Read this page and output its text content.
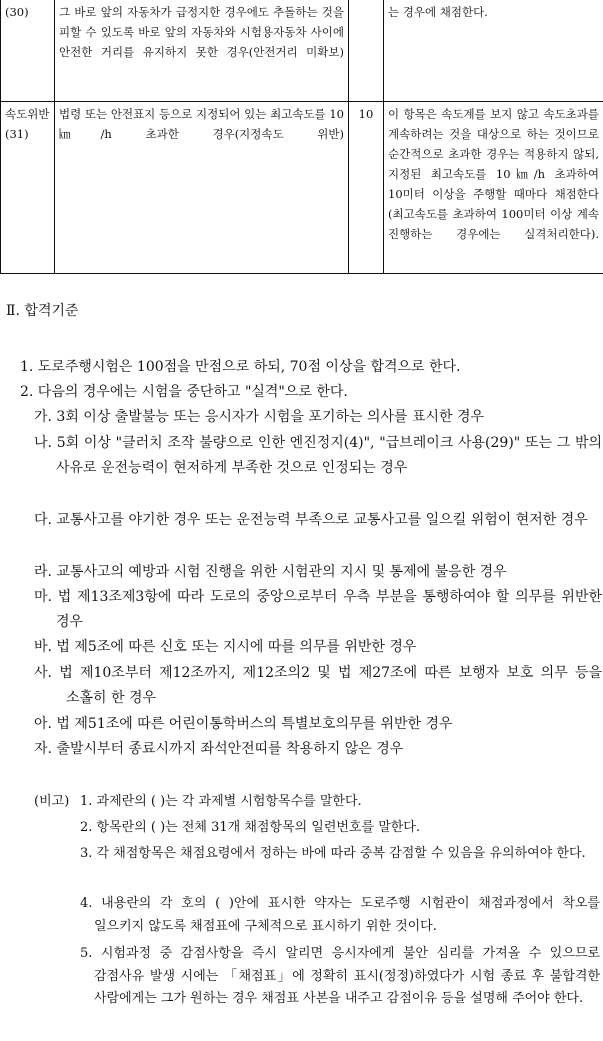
(30)	그 바로 앞의 자동차가 급정지한 경우에도 추돌하는 것을 피할 수 있도록 바로 앞의 자동차와 시험용자동차 사이에 안전한 거리를 유지하지 못한 경우(안전거리 미확보)		는 경우에 채점한다.
속도위반(31)	법령 또는 안전표지 등으로 지정되어 있는 최고속도를 10㎞/h 초과한 경우(지정속도 위반)	10	이 항목은 속도계를 보지 않고 속도초과를 계속하려는 것을 대상으로 하는 것이므로 순간적으로 초과한 경우는 적용하지 않되, 지정된 최고속도를 10㎞/h 초과하여 10미터 이상을 주행할 때마다 채점한다(최고속도를 초과하여 100미터 이상 계속 진행하는 경우에는 실격처리한다).
Ⅱ. 합격기준
1. 도로주행시험은 100점을 만점으로 하되, 70점 이상을 합격으로 한다.
2. 다음의 경우에는 시험을 중단하고 "실격"으로 한다.
가. 3회 이상 출발불능 또는 응시자가 시험을 포기하는 의사를 표시한 경우
나. 5회 이상 "클러치 조작 불량으로 인한 엔진정지(4)", "급브레이크 사용(29)" 또는 그 밖의 사유로 운전능력이 현저하게 부족한 것으로 인정되는 경우
다. 교통사고를 야기한 경우 또는 운전능력 부족으로 교통사고를 일으킬 위험이 현저한 경우
라. 교통사고의 예방과 시험 진행을 위한 시험관의 지시 및 통제에 불응한 경우
마. 법 제13조제3항에 따라 도로의 중앙으로부터 우측 부분을 통행하여야 할 의무를 위반한 경우
바. 법 제5조에 따른 신호 또는 지시에 따를 의무를 위반한 경우
사. 법 제10조부터 제12조까지, 제12조의2 및 법 제27조에 따른 보행자 보호 의무 등을 소홀히 한 경우
아. 법 제51조에 따른 어린이통학버스의 특별보호의무를 위반한 경우
자. 출발시부터 종료시까지 좌석안전띠를 착용하지 않은 경우
(비고) 1. 과제란의 ( )는 각 과제별 시험항목수를 말한다.
2. 항목란의 ( )는 전체 31개 채점항목의 일련번호를 말한다.
3. 각 채점항목은 채점요령에서 정하는 바에 따라 중복 감점할 수 있음을 유의하여야 한다.
4. 내용란의 각 호의 ( )안에 표시한 약자는 도로주행 시험관이 채점과정에서 착오를 일으키지 않도록 채점표에 구체적으로 표시하기 위한 것이다.
5. 시험과정 중 감점사항을 즉시 알리면 응시자에게 불안 심리를 가져올 수 있으므로 감점사유 발생 시에는 「채점표」에 정확히 표시(정정)하였다가 시험 종료 후 불합격한 사람에게는 그가 원하는 경우 채점표 사본을 내주고 감점이유 등을 설명해 주어야 한다.
